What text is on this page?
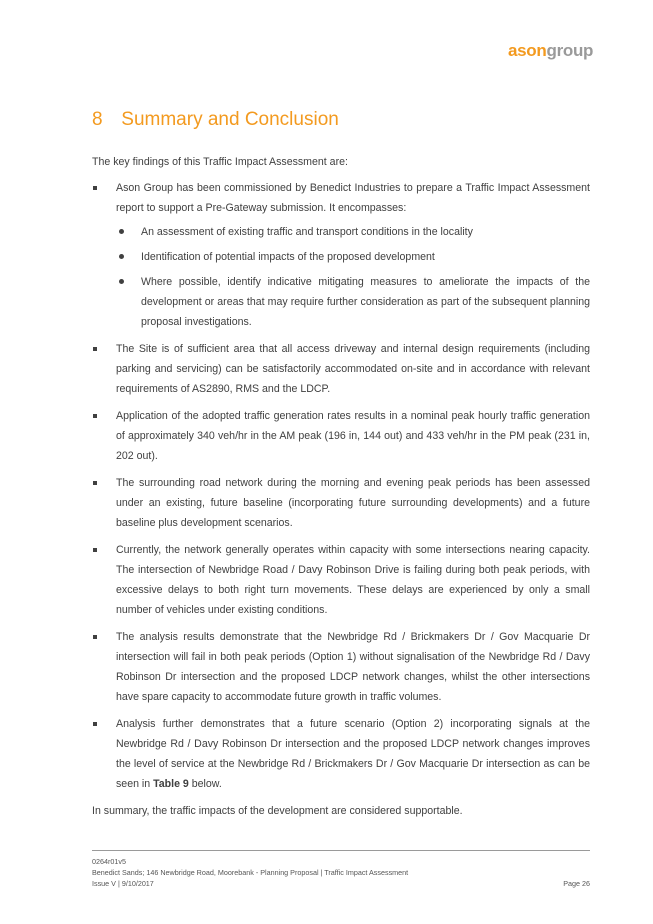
asongroup
8 Summary and Conclusion

The key findings of this Traffic Impact Assessment are:

Ason Group has been commissioned by Benedict Industries to prepare a Traffic Impact Assessment report to support a Pre-Gateway submission. It encompasses:
An assessment of existing traffic and transport conditions in the locality
Identification of potential impacts of the proposed development
Where possible, identify indicative mitigating measures to ameliorate the impacts of the development or areas that may require further consideration as part of the subsequent planning proposal investigations.
The Site is of sufficient area that all access driveway and internal design requirements (including parking and servicing) can be satisfactorily accommodated on-site and in accordance with relevant requirements of AS2890, RMS and the LDCP.
Application of the adopted traffic generation rates results in a nominal peak hourly traffic generation of approximately 340 veh/hr in the AM peak (196 in, 144 out) and 433 veh/hr in the PM peak (231 in, 202 out).
The surrounding road network during the morning and evening peak periods has been assessed under an existing, future baseline (incorporating future surrounding developments) and a future baseline plus development scenarios.
Currently, the network generally operates within capacity with some intersections nearing capacity. The intersection of Newbridge Road / Davy Robinson Drive is failing during both peak periods, with excessive delays to both right turn movements. These delays are experienced by only a small number of vehicles under existing conditions.
The analysis results demonstrate that the Newbridge Rd / Brickmakers Dr / Gov Macquarie Dr intersection will fail in both peak periods (Option 1) without signalisation of the Newbridge Rd / Davy Robinson Dr intersection and the proposed LDCP network changes, whilst the other intersections have spare capacity to accommodate future growth in traffic volumes.
Analysis further demonstrates that a future scenario (Option 2) incorporating signals at the Newbridge Rd / Davy Robinson Dr intersection and the proposed LDCP network changes improves the level of service at the Newbridge Rd / Brickmakers Dr / Gov Macquarie Dr intersection as can be seen in Table 9 below.

In summary, the traffic impacts of the development are considered supportable.

0264r01v5
Benedict Sands; 146 Newbridge Road, Moorebank - Planning Proposal | Traffic Impact Assessment
Issue V | 9/10/2017	Page 26
